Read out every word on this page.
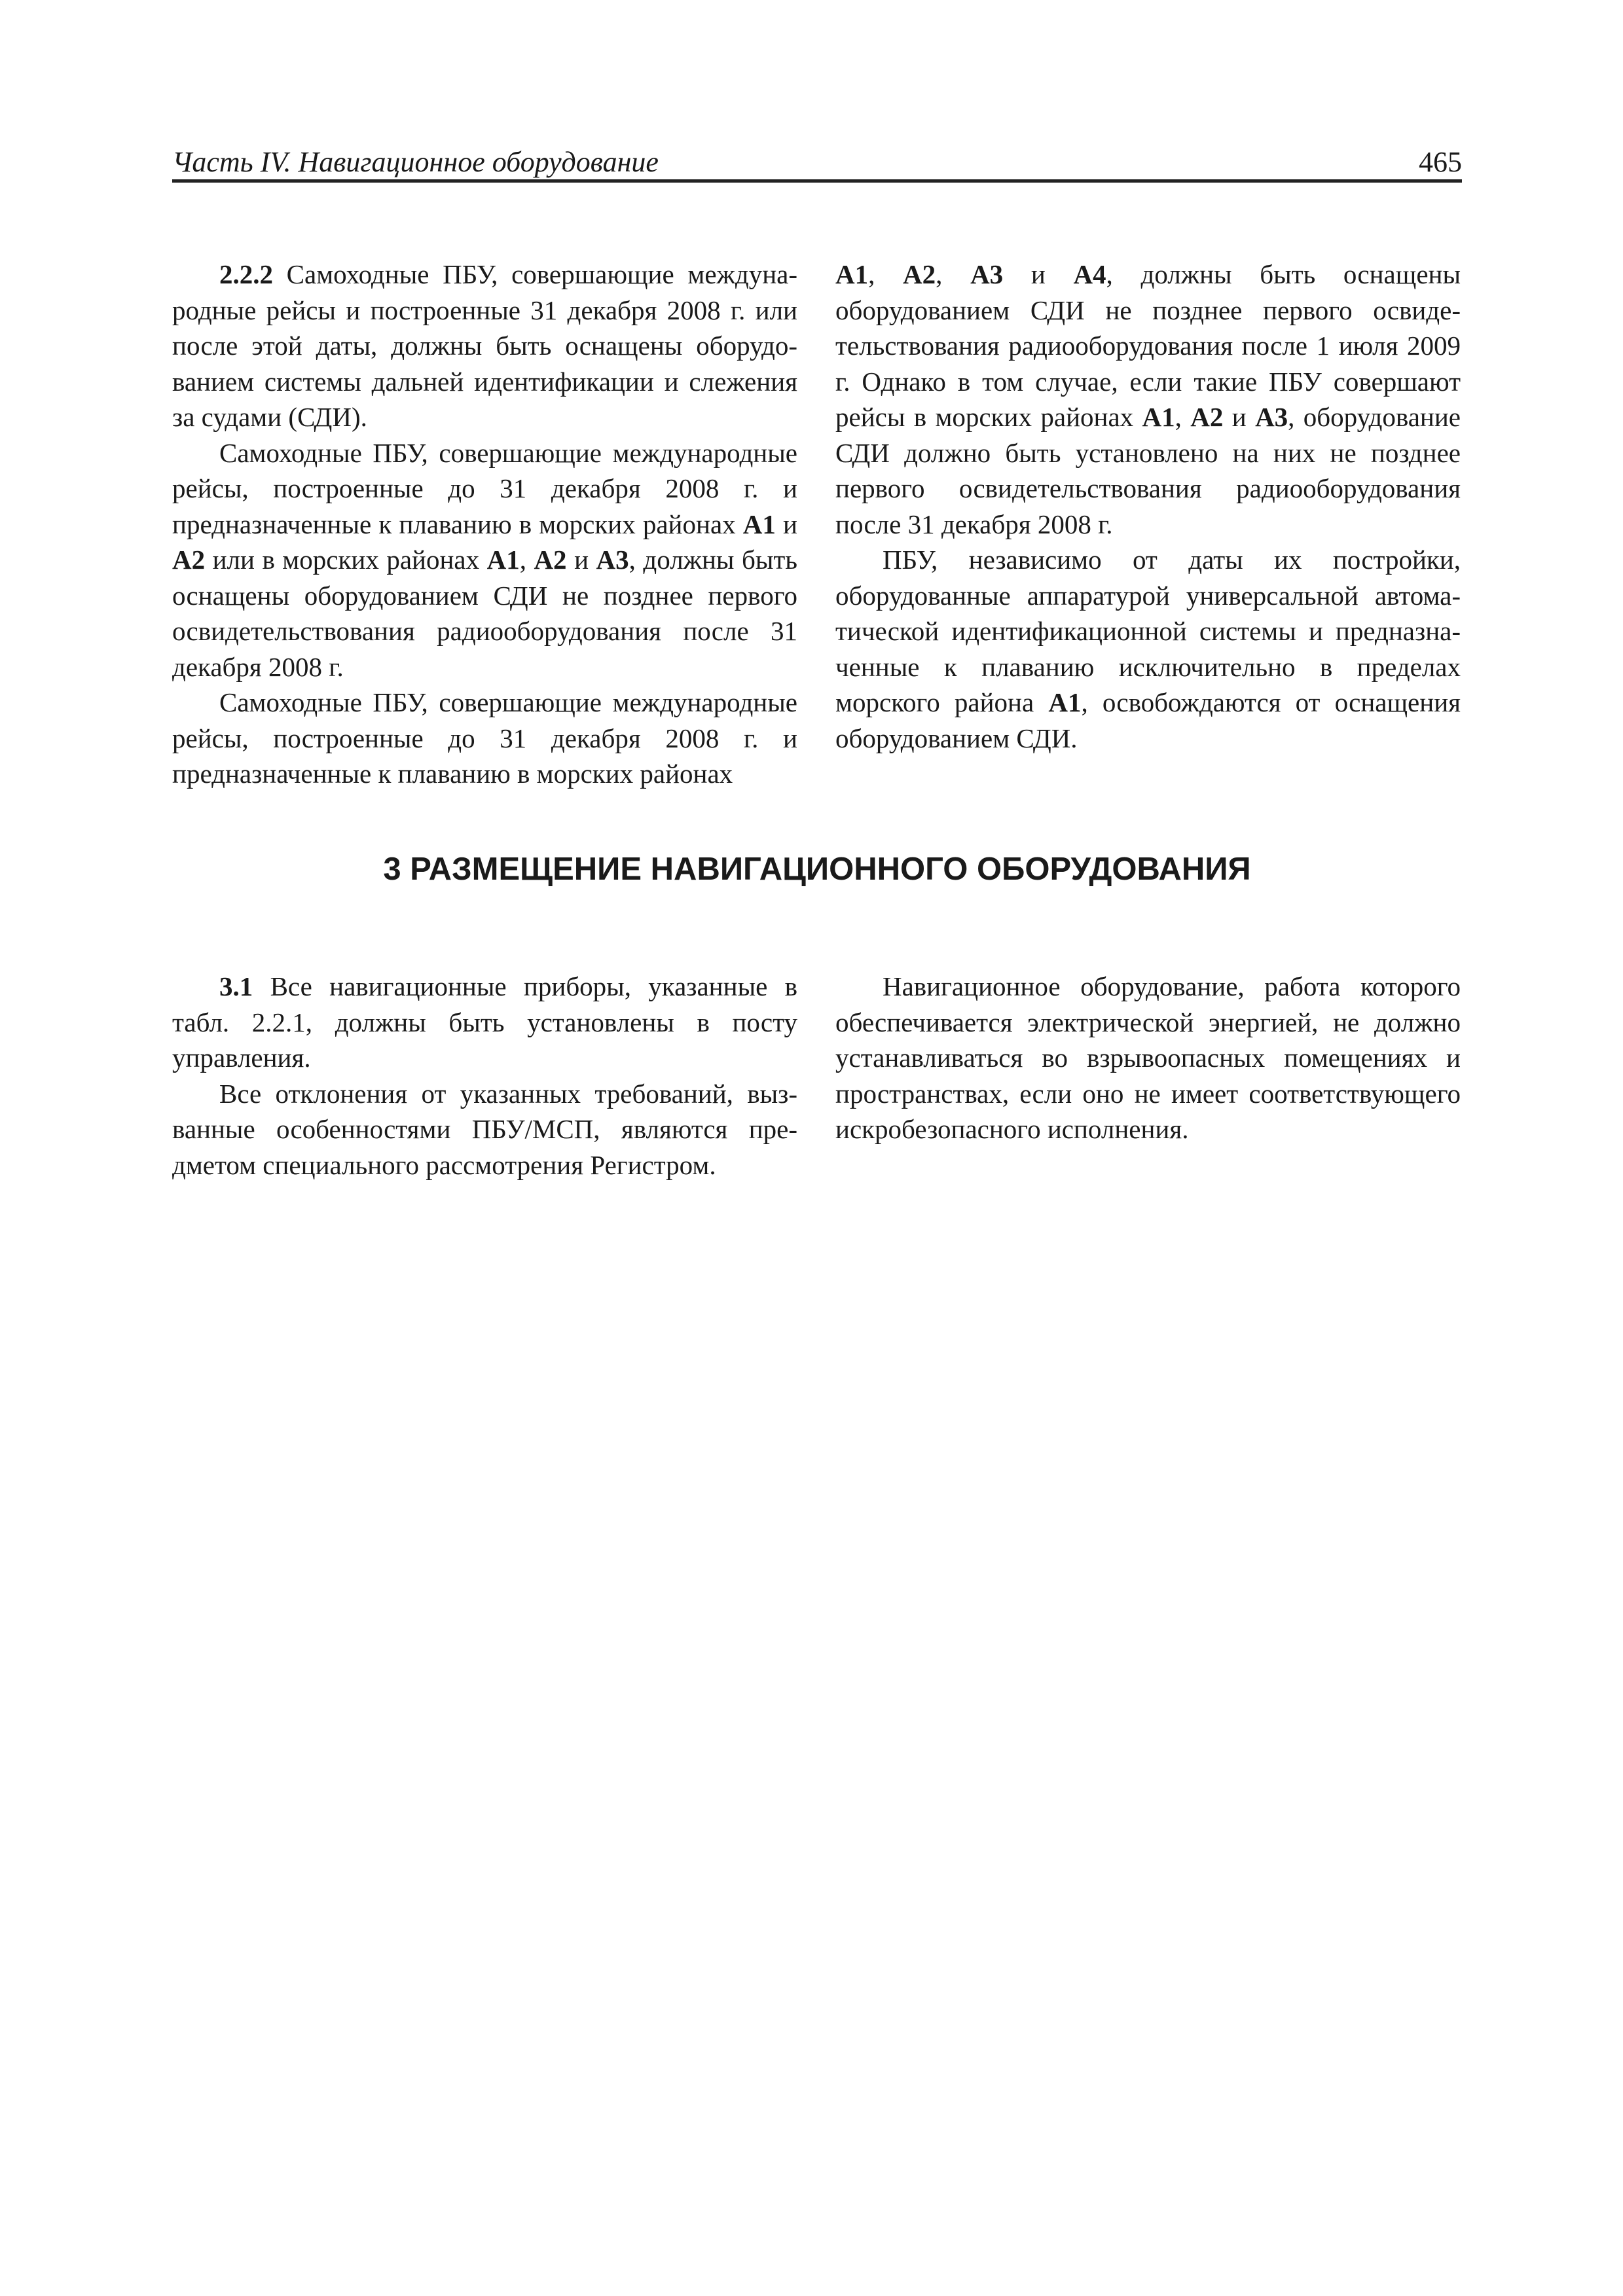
Часть IV. Навигационное оборудование	465

2.2.2 Самоходные ПБУ, совершающие международные рейсы и построенные 31 декабря 2008 г. или после этой даты, должны быть оснащены оборудованием системы дальней идентификации и слежения за судами (СДИ).

Самоходные ПБУ, совершающие международные рейсы, построенные до 31 декабря 2008 г. и предназначенные к плаванию в морских районах А1 и А2 или в морских районах А1, А2 и А3, должны быть оснащены оборудованием СДИ не позднее первого освидетельствования радиооборудования после 31 декабря 2008 г.

Самоходные ПБУ, совершающие международные рейсы, построенные до 31 декабря 2008 г. и предназначенные к плаванию в морских районах

А1, А2, А3 и А4, должны быть оснащены оборудованием СДИ не позднее первого освидетельствования радиооборудования после 1 июля 2009 г. Однако в том случае, если такие ПБУ совершают рейсы в морских районах А1, А2 и А3, оборудование СДИ должно быть установлено на них не позднее первого освидетельствования радиооборудования после 31 декабря 2008 г.

ПБУ, независимо от даты их постройки, оборудованные аппаратурой универсальной автоматической идентификационной системы и предназначенные к плаванию исключительно в пределах морского района А1, освобождаются от оснащения оборудованием СДИ.

3 РАЗМЕЩЕНИЕ НАВИГАЦИОННОГО ОБОРУДОВАНИЯ

3.1 Все навигационные приборы, указанные в табл. 2.2.1, должны быть установлены в посту управления.

Все отклонения от указанных требований, вызванные особенностями ПБУ/МСП, являются предметом специального рассмотрения Регистром.

Навигационное оборудование, работа которого обеспечивается электрической энергией, не должно устанавливаться во взрывоопасных помещениях и пространствах, если оно не имеет соответствующего искробезопасного исполнения.
